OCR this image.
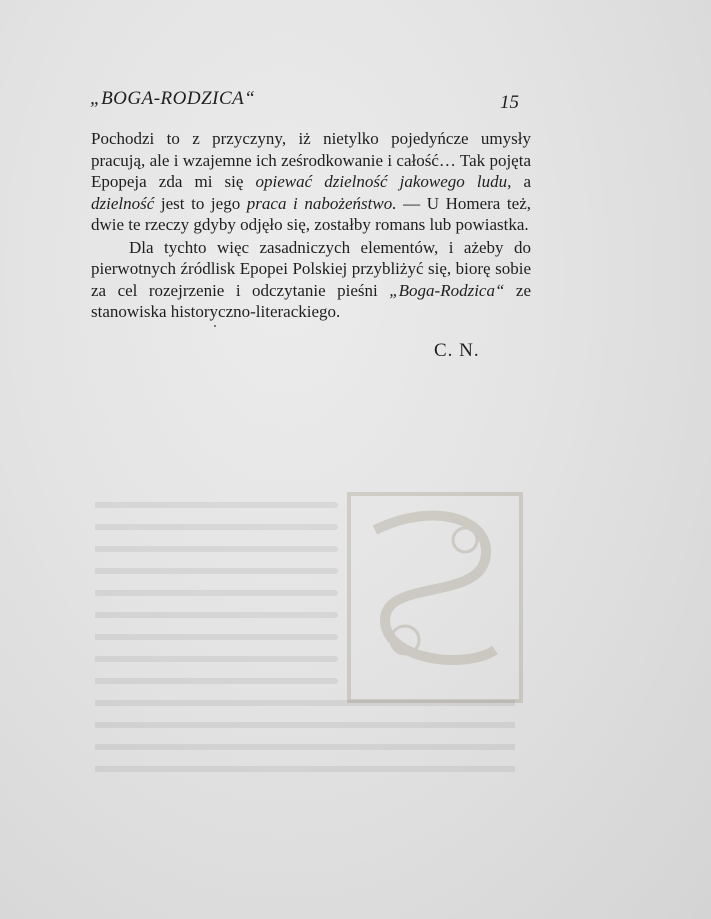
„BOGA-RODZICA“	15

Pochodzi to z przyczyny, iż nietylko pojedyńcze umysły pracują, ale i wzajemne ich ześrodkowanie i całość… Tak pojęta Epopeja zda mi się opiewać dzielność jakowego ludu, a dzielność jest to jego praca i nabożeństwo. — U Homera też, dwie te rzeczy gdyby odjęło się, zostałby romans lub powiastka.

Dla tychto więc zasadniczych elementów, i ażeby do pierwotnych źródlisk Epopei Polskiej przybliżyć się, biorę sobie za cel rozejrzenie i odczytanie pieśni „Boga-Rodzica“ ze stanowiska historyczno-literackiego.

C. N.
